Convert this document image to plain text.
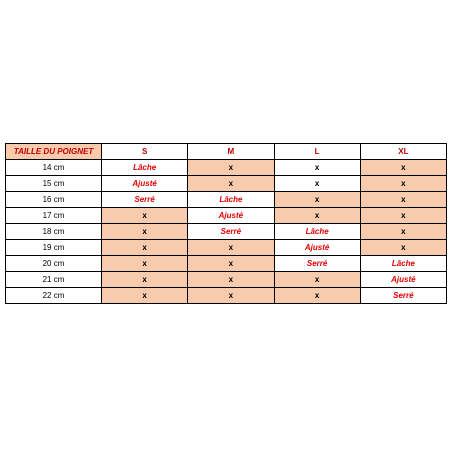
TAILLE DU POIGNET	S	M	L	XL
14 cm	Lâche	x	x	x
15 cm	Ajusté	x	x	x
16 cm	Serré	Lâche	x	x
17 cm	x	Ajusté	x	x
18 cm	x	Serré	Lâche	x
19 cm	x	x	Ajusté	x
20 cm	x	x	Serré	Lâche
21 cm	x	x	x	Ajusté
22 cm	x	x	x	Serré
